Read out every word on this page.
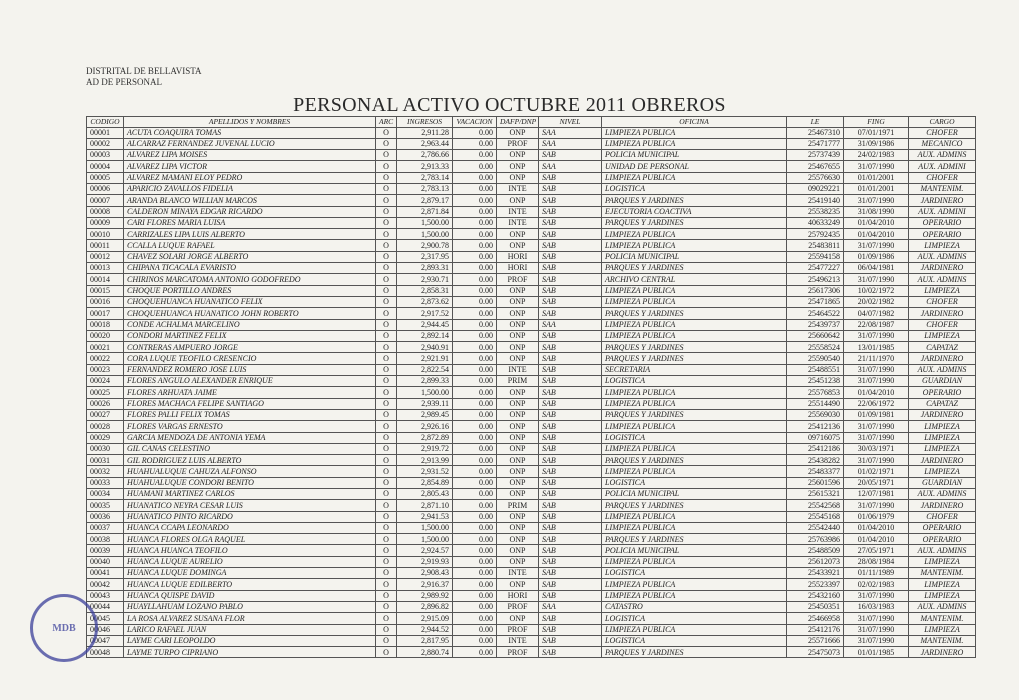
DISTRITAL DE BELLAVISTA
AD DE PERSONAL
PERSONAL ACTIVO OCTUBRE 2011 OBREROS
CODIGO	APELLIDOS Y NOMBRES	ARC	INGRESOS	VACACION	DAFP/DNP	NIVEL	OFICINA	LE	FING	CARGO
00001	ACUTA COAQUIRA TOMAS	O	2,911.28	0.00	ONP	SAA	LIMPIEZA PUBLICA	25467310	07/01/1971	CHOFER
00002	ALCARRAZ FERNANDEZ JUVENAL LUCIO	O	2,963.44	0.00	PROF	SAA	LIMPIEZA PUBLICA	25471777	31/09/1986	MECANICO
00003	ALVAREZ LIPA MOISES	O	2,786.66	0.00	ONP	SAB	POLICIA MUNICIPAL	25737439	24/02/1983	AUX. ADMINS
00004	ALVAREZ LIPA VICTOR	O	2,913.33	0.00	ONP	SAA	UNIDAD DE PERSONAL	25467655	31/07/1990	AUX. ADMINI
00005	ALVAREZ MAMANI ELOY PEDRO	O	2,783.14	0.00	ONP	SAB	LIMPIEZA PUBLICA	25576630	01/01/2001	CHOFER
00006	APARICIO ZAVALLOS FIDELIA	O	2,783.13	0.00	INTE	SAB	LOGISTICA	09029221	01/01/2001	MANTENIM.
00007	ARANDA BLANCO WILLIAN MARCOS	O	2,879.17	0.00	ONP	SAB	PARQUES Y JARDINES	25419140	31/07/1990	JARDINERO
00008	CALDERON MINAYA EDGAR RICARDO	O	2,871.84	0.00	INTE	SAB	EJECUTORIA COACTIVA	25538235	31/08/1990	AUX. ADMINI
00009	CARI FLORES MARIA LUISA	O	1,500.00	0.00	INTE	SAB	PARQUES Y JARDINES	40633249	01/04/2010	OPERARIO
00010	CARRIZALES LIPA LUIS ALBERTO	O	1,500.00	0.00	ONP	SAB	LIMPIEZA PUBLICA	25792435	01/04/2010	OPERARIO
00011	CCALLA LUQUE RAFAEL	O	2,900.78	0.00	ONP	SAB	LIMPIEZA PUBLICA	25483811	31/07/1990	LIMPIEZA
00012	CHAVEZ SOLARI JORGE ALBERTO	O	2,317.95	0.00	HORI	SAB	POLICIA MUNICIPAL	25594158	01/09/1986	AUX. ADMINS
00013	CHIPANA TICACALA EVARISTO	O	2,893.31	0.00	HORI	SAB	PARQUES Y JARDINES	25477227	06/04/1981	JARDINERO
00014	CHIRINOS MARCATOMA ANTONIO GODOFREDO	O	2,930.71	0.00	PROF	SAB	ARCHIVO CENTRAL	25496213	31/07/1990	AUX. ADMINS
00015	CHOQUE PORTILLO ANDRES	O	2,858.31	0.00	ONP	SAB	LIMPIEZA PUBLICA	25617306	10/02/1972	LIMPIEZA
00016	CHOQUEHUANCA HUANATICO FELIX	O	2,873.62	0.00	ONP	SAB	LIMPIEZA PUBLICA	25471865	20/02/1982	CHOFER
00017	CHOQUEHUANCA HUANATICO JOHN ROBERTO	O	2,917.52	0.00	ONP	SAB	PARQUES Y JARDINES	25464522	04/07/1982	JARDINERO
00018	CONDE ACHALMA MARCELINO	O	2,944.45	0.00	ONP	SAA	LIMPIEZA PUBLICA	25439737	22/08/1987	CHOFER
00020	CONDORI MARTINEZ FELIX	O	2,892.14	0.00	ONP	SAB	LIMPIEZA PUBLICA	25660642	31/07/1990	LIMPIEZA
00021	CONTRERAS AMPUERO JORGE	O	2,940.91	0.00	ONP	SAB	PARQUES Y JARDINES	25558524	13/01/1985	CAPATAZ
00022	CORA LUQUE TEOFILO CRESENCIO	O	2,921.91	0.00	ONP	SAB	PARQUES Y JARDINES	25590540	21/11/1970	JARDINERO
00023	FERNANDEZ ROMERO JOSE LUIS	O	2,822.54	0.00	INTE	SAB	SECRETARIA	25488551	31/07/1990	AUX. ADMINS
00024	FLORES ANGULO ALEXANDER ENRIQUE	O	2,899.33	0.00	PRIM	SAB	LOGISTICA	25451238	31/07/1990	GUARDIAN
00025	FLORES ARHUATA JAIME	O	1,500.00	0.00	ONP	SAB	LIMPIEZA PUBLICA	25576853	01/04/2010	OPERARIO
00026	FLORES MACHACA FELIPE SANTIAGO	O	2,939.11	0.00	ONP	SAB	LIMPIEZA PUBLICA	25514490	22/06/1972	CAPATAZ
00027	FLORES PALLI FELIX TOMAS	O	2,989.45	0.00	ONP	SAB	PARQUES Y JARDINES	25569030	01/09/1981	JARDINERO
00028	FLORES VARGAS ERNESTO	O	2,926.16	0.00	ONP	SAB	LIMPIEZA PUBLICA	25412136	31/07/1990	LIMPIEZA
00029	GARCIA MENDOZA DE ANTONIA YEMA	O	2,872.89	0.00	ONP	SAB	LOGISTICA	09716075	31/07/1990	LIMPIEZA
00030	GIL CANAS CELESTINO	O	2,919.72	0.00	ONP	SAB	LIMPIEZA PUBLICA	25412186	30/03/1971	LIMPIEZA
00031	GIL RODRIGUEZ LUIS ALBERTO	O	2,913.99	0.00	ONP	SAB	PARQUES Y JARDINES	25438282	31/07/1990	JARDINERO
00032	HUAHUALUQUE CAHUZA ALFONSO	O	2,931.52	0.00	ONP	SAB	LIMPIEZA PUBLICA	25483377	01/02/1971	LIMPIEZA
00033	HUAHUALUQUE CONDORI BENITO	O	2,854.89	0.00	ONP	SAB	LOGISTICA	25601596	20/05/1971	GUARDIAN
00034	HUAMANI MARTINEZ CARLOS	O	2,805.43	0.00	ONP	SAB	POLICIA MUNICIPAL	25615321	12/07/1981	AUX. ADMINS
00035	HUANATICO NEYRA CESAR LUIS	O	2,871.10	0.00	PRIM	SAB	PARQUES Y JARDINES	25542568	31/07/1990	JARDINERO
00036	HUANATICO PINTO RICARDO	O	2,941.53	0.00	ONP	SAB	LIMPIEZA PUBLICA	25545168	01/06/1979	CHOFER
00037	HUANCA CCAPA LEONARDO	O	1,500.00	0.00	ONP	SAB	LIMPIEZA PUBLICA	25542440	01/04/2010	OPERARIO
00038	HUANCA FLORES OLGA RAQUEL	O	1,500.00	0.00	ONP	SAB	PARQUES Y JARDINES	25763986	01/04/2010	OPERARIO
00039	HUANCA HUANCA TEOFILO	O	2,924.57	0.00	ONP	SAB	POLICIA MUNICIPAL	25488509	27/05/1971	AUX. ADMINS
00040	HUANCA LUQUE AURELIO	O	2,919.93	0.00	ONP	SAB	LIMPIEZA PUBLICA	25612073	28/08/1984	LIMPIEZA
00041	HUANCA LUQUE DOMINGA	O	2,908.43	0.00	INTE	SAB	LOGISTICA	25433921	01/11/1989	MANTENIM.
00042	HUANCA LUQUE EDILBERTO	O	2,916.37	0.00	ONP	SAB	LIMPIEZA PUBLICA	25523397	02/02/1983	LIMPIEZA
00043	HUANCA QUISPE DAVID	O	2,989.92	0.00	HORI	SAB	LIMPIEZA PUBLICA	25432160	31/07/1990	LIMPIEZA
00044	HUAYLLAHUAM LOZANO PABLO	O	2,896.82	0.00	PROF	SAA	CATASTRO	25450351	16/03/1983	AUX. ADMINS
00045	LA ROSA ALVAREZ SUSANA FLOR	O	2,915.09	0.00	ONP	SAB	LOGISTICA	25466958	31/07/1990	MANTENIM.
00046	LARICO RAFAEL JUAN	O	2,944.52	0.00	PROF	SAB	LIMPIEZA PUBLICA	25412176	31/07/1990	LIMPIEZA
00047	LAYME CARI LEOPOLDO	O	2,817.95	0.00	INTE	SAB	LOGISTICA	25571666	31/07/1990	MANTENIM.
00048	LAYME TURPO CIPRIANO	O	2,880.74	0.00	PROF	SAB	PARQUES Y JARDINES	25475073	01/01/1985	JARDINERO
MDB
